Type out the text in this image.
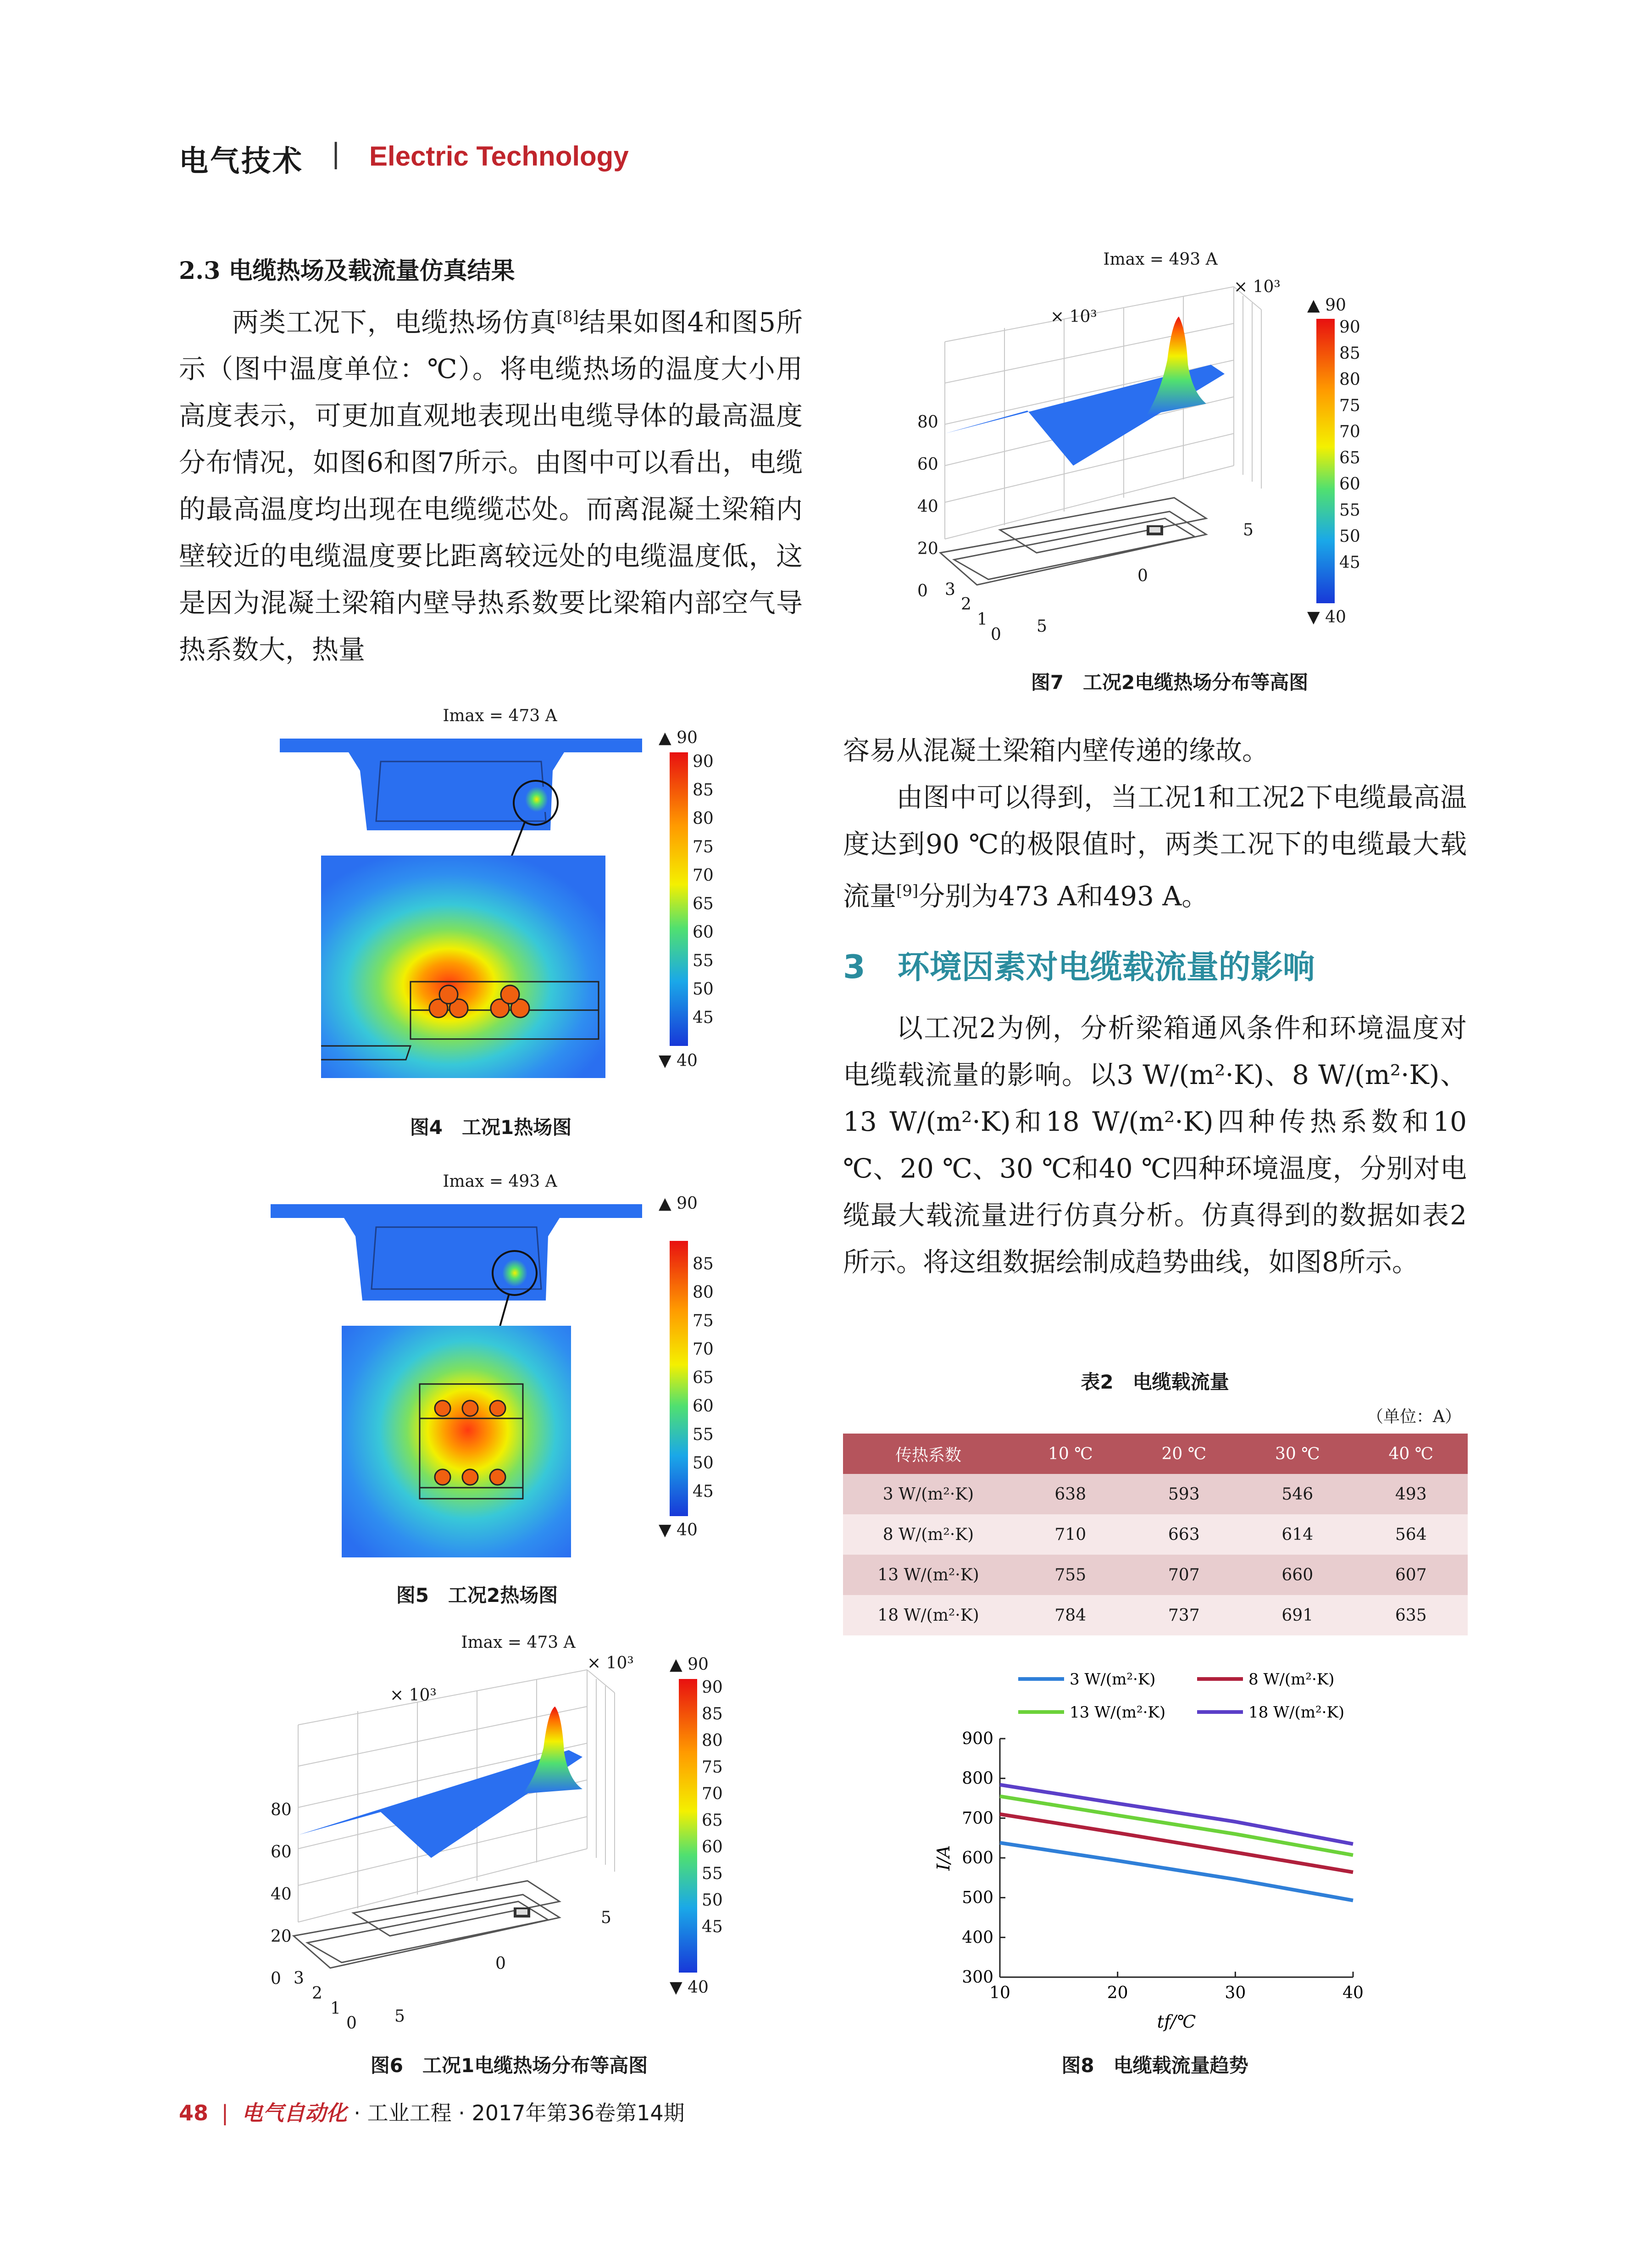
电气技术 | Electric Technology
2.3 电缆热场及载流量仿真结果

两类工况下，电缆热场仿真[8]结果如图4和图5所示（图中温度单位：℃）。将电缆热场的温度大小用高度表示，可更加直观地表现出电缆导体的最高温度分布情况，如图6和图7所示。由图中可以看出，电缆的最高温度均出现在电缆缆芯处。而离混凝土梁箱内壁较近的电缆温度要比距离较远处的电缆温度低，这是因为混凝土梁箱内壁导热系数要比梁箱内部空气导热系数大，热量

容易从混凝土梁箱内壁传递的缘故。

由图中可以得到，当工况1和工况2下电缆最高温度达到90 ℃的极限值时，两类工况下的电缆最大载流量[9]分别为473 A和493 A。

3　环境因素对电缆载流量的影响

以工况2为例，分析梁箱通风条件和环境温度对电缆载流量的影响。以3 W/(m²·K)、8 W/(m²·K)、13 W/(m²·K)和18 W/(m²·K)四种传热系数和10 ℃、20 ℃、30 ℃和40 ℃四种环境温度，分别对电缆最大载流量进行仿真分析。仿真得到的数据如表2所示。将这组数据绘制成趋势曲线，如图8所示。

Imax = 473 A
▲ 90
90
85
80
75
70
65
60
55
50
45
▼ 40
图4　工况1热场图
Imax = 493 A
▲ 90
85
80
75
70
65
60
55
50
45
▼ 40
图5　工况2热场图
Imax = 473 A
× 10³
× 10³
80
60
40
20
0 3
2
1
0 5
5
0
▲ 90
90
85
80
75
70
65
60
55
50
45
▼ 40
图6　工况1电缆热场分布等高图
Imax = 493 A
× 10³
× 10³
80
60
40
20
0	3
2
1
0 5
5
0
▲ 90
90
85
80
75
70
65
60
55
50
45
▼ 40
图7　工况2电缆热场分布等高图
表2　电缆载流量
（单位：A）
传热系数	10 ℃	20 ℃	30 ℃	40 ℃
3 W/(m²·K)	638	593	546	493
8 W/(m²·K)	710	663	614	564
13 W/(m²·K)	755	707	660	607
18 W/(m²·K)	784	737	691	635
300
400
500
600
700
800
900
10	20	30	40
tf/℃
I/A
3 W/(m²·K)	8 W/(m²·K)
13 W/(m²·K)	18 W/(m²·K)
图8　电缆载流量趋势
48 | 电气自动化 · 工业工程 · 2017年第36卷第14期
